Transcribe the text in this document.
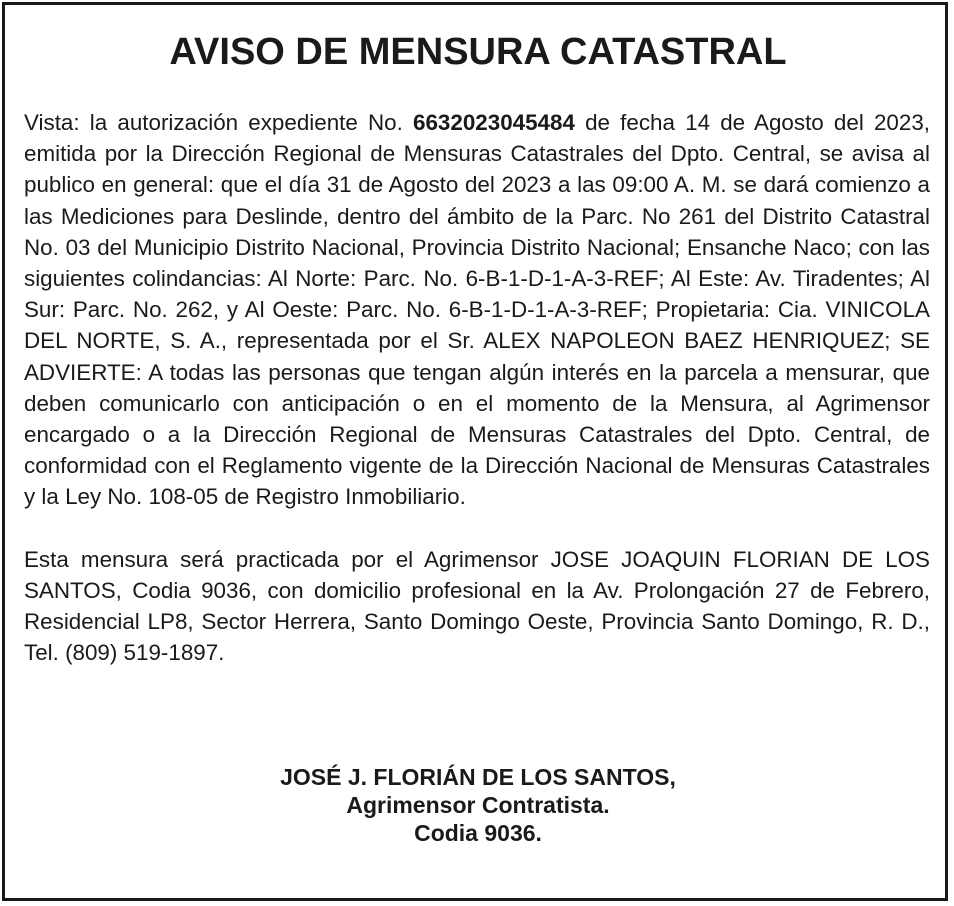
AVISO DE MENSURA CATASTRAL

Vista: la autorización expediente No. 6632023045484 de fecha 14 de Agosto del 2023, emitida por la Dirección Regional de Mensuras Catastrales del Dpto. Central, se avisa al publico en general: que el día 31 de Agosto del 2023 a las 09:00 A. M. se dará comienzo a las Mediciones para Deslinde, dentro del ámbito de la Parc. No 261 del Distrito Catastral No. 03 del Municipio Distrito Nacional, Provincia Distrito Nacional; Ensanche Naco; con las siguientes colindancias: Al Norte: Parc. No. 6-B-1-D-1-A-3-REF; Al Este: Av. Tiradentes; Al Sur: Parc. No. 262, y Al Oeste: Parc. No. 6-B-1-D-1-A-3-REF; Propietaria: Cia. VINICOLA DEL NORTE, S. A., representada por el Sr. ALEX NAPOLEON BAEZ HENRIQUEZ; SE ADVIERTE: A todas las personas que tengan algún interés en la parcela a mensurar, que deben comunicarlo con anticipación o en el momento de la Mensura, al Agrimensor encargado o a la Dirección Regional de Mensuras Catastrales del Dpto. Central, de conformidad con el Reglamento vigente de la Dirección Nacional de Mensuras Catastrales y la Ley No. 108-05 de Registro Inmobiliario.

Esta mensura será practicada por el Agrimensor JOSE JOAQUIN FLORIAN DE LOS SANTOS, Codia 9036, con domicilio profesional en la Av. Prolongación 27 de Febrero, Residencial LP8, Sector Herrera, Santo Domingo Oeste, Provincia Santo Domingo, R. D., Tel. (809) 519-1897.

JOSÉ J. FLORIÁN DE LOS SANTOS,
Agrimensor Contratista.
Codia 9036.
